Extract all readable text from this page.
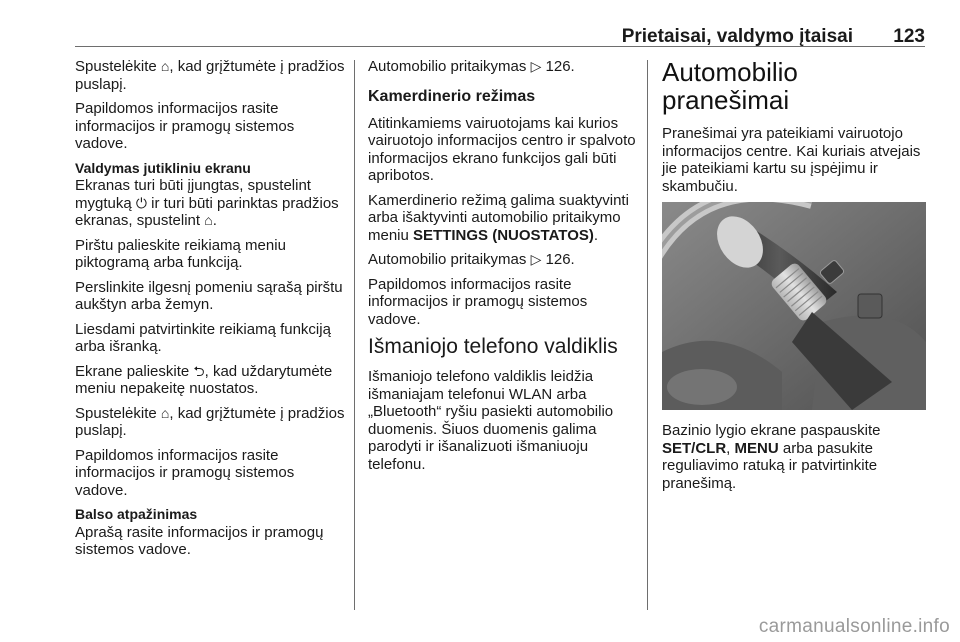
Prietaisai, valdymo įtaisai 123

Spustelėkite ⌂, kad grįžtumėte į pradžios puslapį.

Papildomos informacijos rasite informacijos ir pramogų sistemos vadove.

Valdymas jutikliniu ekranu

Ekranas turi būti įjungtas, spustelint mygtuką ⏻ ir turi būti parinktas pradžios ekranas, spustelint ⌂.

Pirštu palieskite reikiamą meniu piktogramą arba funkciją.

Perslinkite ilgesnį pomeniu sąrašą pirštu aukštyn arba žemyn.

Liesdami patvirtinkite reikiamą funkciją arba išranką.

Ekrane palieskite ⮌, kad uždarytumėte meniu nepakeitę nuostatos.

Spustelėkite ⌂, kad grįžtumėte į pradžios puslapį.

Papildomos informacijos rasite informacijos ir pramogų sistemos vadove.

Balso atpažinimas

Aprašą rasite informacijos ir pramogų sistemos vadove.

Automobilio pritaikymas ▷ 126.

Kamerdinerio režimas

Atitinkamiems vairuotojams kai kurios vairuotojo informacijos centro ir spalvoto informacijos ekrano funkcijos gali būti apribotos.

Kamerdinerio režimą galima suaktyvinti arba išaktyvinti automobilio pritaikymo meniu SETTINGS (NUOSTATOS).

Automobilio pritaikymas ▷ 126.

Papildomos informacijos rasite informacijos ir pramogų sistemos vadove.

Išmaniojo telefono valdiklis

Išmaniojo telefono valdiklis leidžia išmaniajam telefonui WLAN arba „Bluetooth“ ryšiu pasiekti automobilio duomenis. Šiuos duomenis galima parodyti ir išanalizuoti išmaniuoju telefonu.

Automobilio pranešimai

Pranešimai yra pateikiami vairuotojo informacijos centre. Kai kuriais atvejais jie pateikiami kartu su įspėjimu ir skambučiu.

Bazinio lygio ekrane paspauskite SET/CLR, MENU arba pasukite reguliavimo ratuką ir patvirtinkite pranešimą.

carmanualsonline.info
